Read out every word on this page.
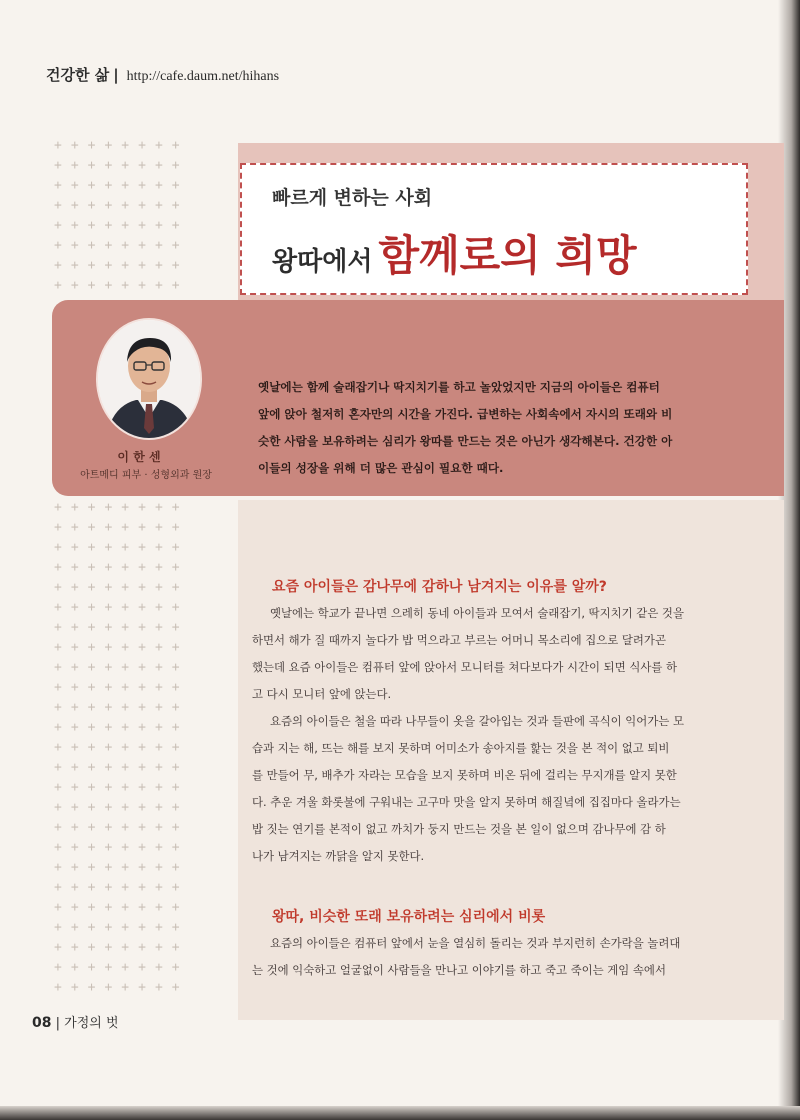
건강한 삶 | http://cafe.daum.net/hihans
++++++++
++++++++
++++++++
++++++++
++++++++
++++++++
++++++++
++++++++
++++++++
++++++++
++++++++
++++++++
++++++++
++++++++
++++++++
++++++++
++++++++
++++++++
++++++++
++++++++
++++++++
++++++++
++++++++
++++++++
++++++++
++++++++
++++++++
++++++++
++++++++
++++++++
++++++++
++++++++
++++++++
빠르게 변하는 사회
왕따에서 함께로의 희망
이 한 센
아트메디 피부 · 성형외과 원장
옛날에는 함께 술래잡기나 딱지치기를 하고 놀았었지만 지금의 아이들은 컴퓨터
앞에 앉아 철저히 혼자만의 시간을 가진다. 급변하는 사회속에서 자시의 또래와 비
슷한 사람을 보유하려는 심리가 왕따를 만드는 것은 아닌가 생각해본다. 건강한 아
이들의 성장을 위해 더 많은 관심이 필요한 때다.
요즘 아이들은 감나무에 감하나 남겨지는 이유를 알까?
옛날에는 학교가 끝나면 으레히 동네 아이들과 모여서 술래잡기, 딱지치기 같은 것을
하면서 해가 질 때까지 놀다가 밥 먹으라고 부르는 어머니 목소리에 집으로 달려가곤
했는데 요즘 아이들은 컴퓨터 앞에 앉아서 모니터를 쳐다보다가 시간이 되면 식사를 하
고 다시 모니터 앞에 앉는다.
요즘의 아이들은 철을 따라 나무들이 옷을 갈아입는 것과 들판에 곡식이 익어가는 모
습과 지는 해, 뜨는 해를 보지 못하며 어미소가 송아지를 핥는 것을 본 적이 없고 퇴비
를 만들어 무, 배추가 자라는 모습을 보지 못하며 비온 뒤에 걸리는 무지개를 알지 못한
다. 추운 겨울 화롯불에 구워내는 고구마 맛을 알지 못하며 해질녘에 집집마다 올라가는
밥 짓는 연기를 본적이 없고 까치가 둥지 만드는 것을 본 일이 없으며 감나무에 감 하
나가 남겨지는 까닭을 알지 못한다.
왕따, 비슷한 또래 보유하려는 심리에서 비롯
요즘의 아이들은 컴퓨터 앞에서 눈을 열심히 돌리는 것과 부지런히 손가락을 놀려대
는 것에 익숙하고 얼굴없이 사람들을 만나고 이야기를 하고 죽고 죽이는 게임 속에서
08 | 가정의 벗
